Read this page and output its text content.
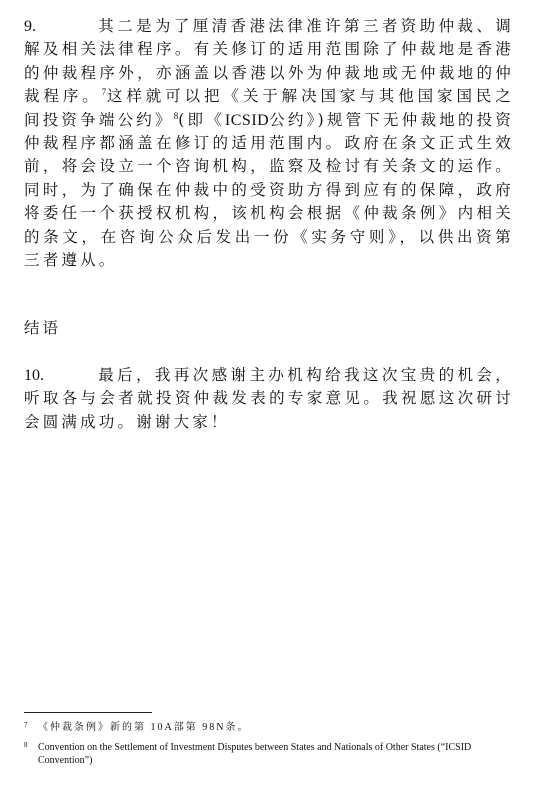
9.	其二是为了厘清香港法律准许第三者资助仲裁、调解及相关法律程序。有关修订的适用范围除了仲裁地是香港的仲裁程序外，亦涵盖以香港以外为仲裁地或无仲裁地的仲裁程序。$^7$这样就可以把《关于解决国家与其他国家国民之间投资争端公约》$^8$(即《ICSID公约》)规管下无仲裁地的投资仲裁程序都涵盖在修订的适用范围内。政府在条文正式生效前，将会设立一个咨询机构，监察及检讨有关条文的运作。同时，为了确保在仲裁中的受资助方得到应有的保障，政府将委任一个获授权机构，该机构会根据《仲裁条例》内相关的条文，在咨询公众后发出一份《实务守则》，以供出资第三者遵从。

结语

10.	最后，我再次感谢主办机构给我这次宝贵的机会，听取各与会者就投资仲裁发表的专家意见。我祝愿这次研讨会圆满成功。谢谢大家！

7 《仲裁条例》新的第 10A部第 98N条。
8 Convention on the Settlement of Investment Disputes between States and Nationals of Other States (“ICSID Convention”)
